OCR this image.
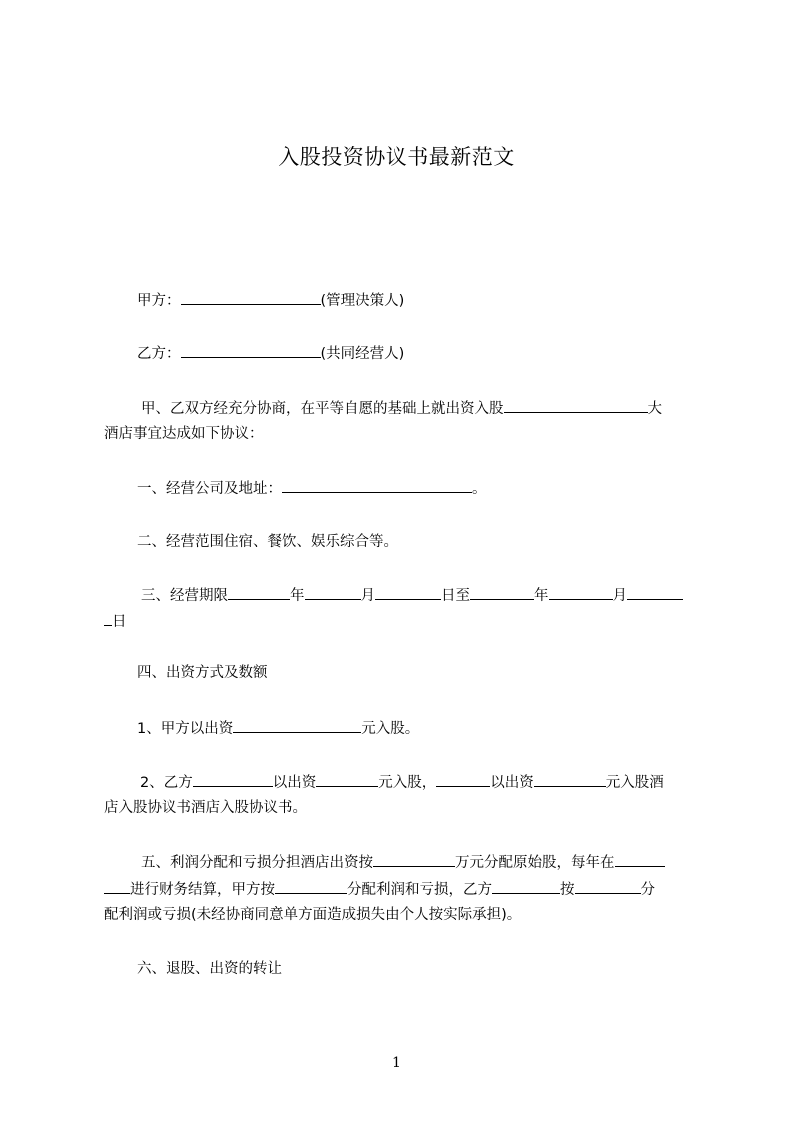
入股投资协议书最新范文
甲方：	(管理决策人)
乙方：	(共同经营人)
甲、乙双方经充分协商，在平等自愿的基础上就出资入股	大
酒店事宜达成如下协议：
一、经营公司及地址：	。
二、经营范围住宿、餐饮、娱乐综合等。
三、经营期限	年	月	日至	年	月
日
四、出资方式及数额
1、甲方以出资	元入股。
2、乙方	以出资	元入股，	以出资	元入股酒
店入股协议书酒店入股协议书。
五、利润分配和亏损分担酒店出资按	万元分配原始股，每年在
进行财务结算，甲方按	分配利润和亏损，乙方	按	分
配利润或亏损(未经协商同意单方面造成损失由个人按实际承担)。
六、退股、出资的转让
1
